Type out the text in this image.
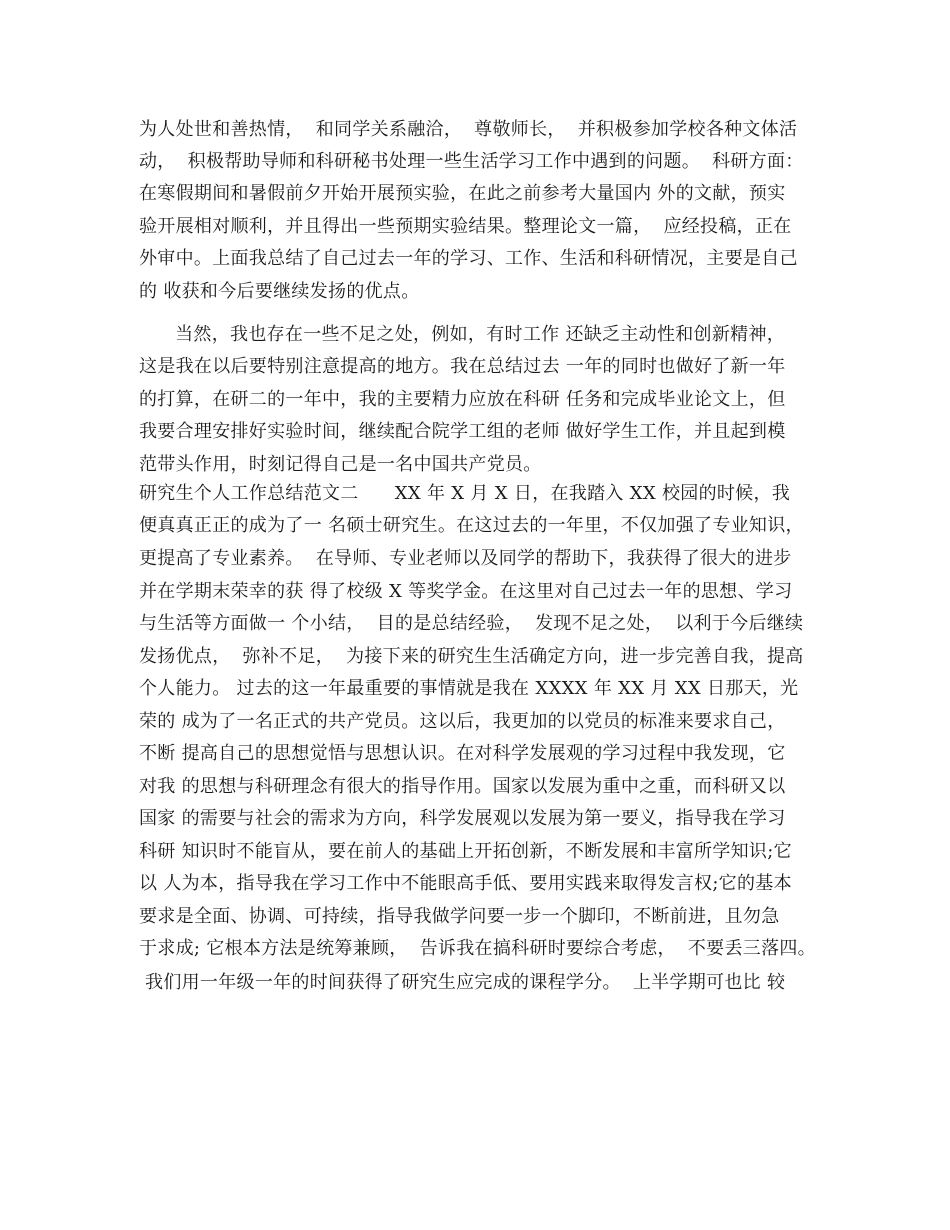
为人处世和善热情，  和同学关系融洽，  尊敬师长，  并积极参加学校各种文体活
动，  积极帮助导师和科研秘书处理一些生活学习工作中遇到的问题。  科研方面：
在寒假期间和暑假前夕开始开展预实验，在此之前参考大量国内 外的文献，预实
验开展相对顺利，并且得出一些预期实验结果。整理论文一篇，  应经投稿，正在
外审中。上面我总结了自己过去一年的学习、工作、生活和科研情况，主要是自己
的 收获和今后要继续发扬的优点。
当然，我也存在一些不足之处，例如，有时工作 还缺乏主动性和创新精神，
这是我在以后要特别注意提高的地方。我在总结过去 一年的同时也做好了新一年
的打算，在研二的一年中，我的主要精力应放在科研 任务和完成毕业论文上，但
我要合理安排好实验时间，继续配合院学工组的老师 做好学生工作，并且起到模
范带头作用，时刻记得自己是一名中国共产党员。
研究生个人工作总结范文二      XX 年 X 月 X 日，在我踏入 XX 校园的时候，我
便真真正正的成为了一 名硕士研究生。在这过去的一年里，不仅加强了专业知识，
更提高了专业素养。  在导师、专业老师以及同学的帮助下，我获得了很大的进步
并在学期末荣幸的获 得了校级 X 等奖学金。在这里对自己过去一年的思想、学习
与生活等方面做一 个小结，  目的是总结经验，  发现不足之处，  以利于今后继续
发扬优点，  弥补不足，  为接下来的研究生生活确定方向，进一步完善自我，提高
个人能力。 过去的这一年最重要的事情就是我在 XXXX 年 XX 月 XX 日那天，光
荣的 成为了一名正式的共产党员。这以后，我更加的以党员的标准来要求自己，
不断 提高自己的思想觉悟与思想认识。在对科学发展观的学习过程中我发现，它
对我 的思想与科研理念有很大的指导作用。国家以发展为重中之重，而科研又以
国家 的需要与社会的需求为方向，科学发展观以发展为第一要义，指导我在学习
科研 知识时不能盲从，要在前人的基础上开拓创新，不断发展和丰富所学知识;它
以 人为本，指导我在学习工作中不能眼高手低、要用实践来取得发言权;它的基本
要求是全面、协调、可持续，指导我做学问要一步一个脚印，不断前进，且勿急
于求成; 它根本方法是统筹兼顾，  告诉我在搞科研时要综合考虑，  不要丢三落四。
我们用一年级一年的时间获得了研究生应完成的课程学分。  上半学期可也比 较
